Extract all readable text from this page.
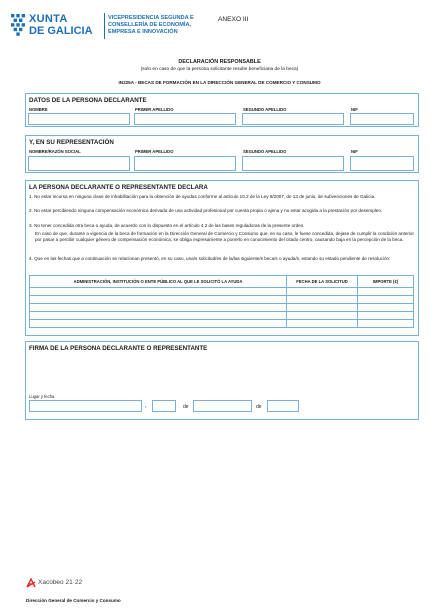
XUNTA
DE GALICIA
VICEPRESIDENCIA SEGUNDA E
CONSELLERÍA DE ECONOMÍA,
EMPRESA E INNOVACIÓN
ANEXO III
DECLARACIÓN RESPONSABLE
(solo en caso de que la persona solicitante resulte beneficiaria de la beca)
IN225A - BECAS DE FORMACIÓN EN LA DIRECCIÓN GENERAL DE COMERCIO Y CONSUMO
DATOS DE LA PERSONA DECLARANTE
NOMBRE	PRIMER APELLIDO	SEGUNDO APELLIDO	NIF
Y, EN SU REPRESENTACIÓN
NOMBRE/RAZÓN SOCIAL	PRIMER APELLIDO	SEGUNDO APELLIDO	NIF
LA PERSONA DECLARANTE O REPRESENTANTE DECLARA
1. No estar incursa en ninguna clase de inhabilitación para la obtención de ayudas conforme al artículo 10.2 de la Ley 9/2007, de 13 de junio, de subvenciones de Galicia.
2. No estar percibiendo ninguna compensación económica derivada de una actividad profesional por cuenta propia o ajena y no estar acogida a la prestación por desempleo.
3. No tener concedida otra beca o ayuda, de acuerdo con lo dispuesto en el artículo 4.2 de las bases reguladoras de la presente orden.
En caso de que, durante a vigencia de la beca de formación en la Dirección General de Comercio y Consumo que, en su caso, le fuese concedida, dejase de cumplir la condición anterior por pasar a percibir cualquier género de compensación económica, se obliga expresamente a ponerlo en conocimiento del citado centro, causando baja en la percepción de la beca.
4. Que en las fechas que a continuación se relacionan presentó, en su caso, una/s solicitud/es de la/las siguiente/s beca/s o ayuda/s, estando su estado pendiente de resolución:
ADMINISTRACIÓN, INSTITUCIÓN O ENTE PÚBLICO AL QUE LE SOLICITÓ LA AYUDA	FECHA DE LA SOLICITUD	IMPORTE (€)

FIRMA DE LA PERSONA DECLARANTE O REPRESENTANTE
Lugar y fecha
,	de	de
Xacobeo 21·22
Dirección General de Comercio y Consumo
